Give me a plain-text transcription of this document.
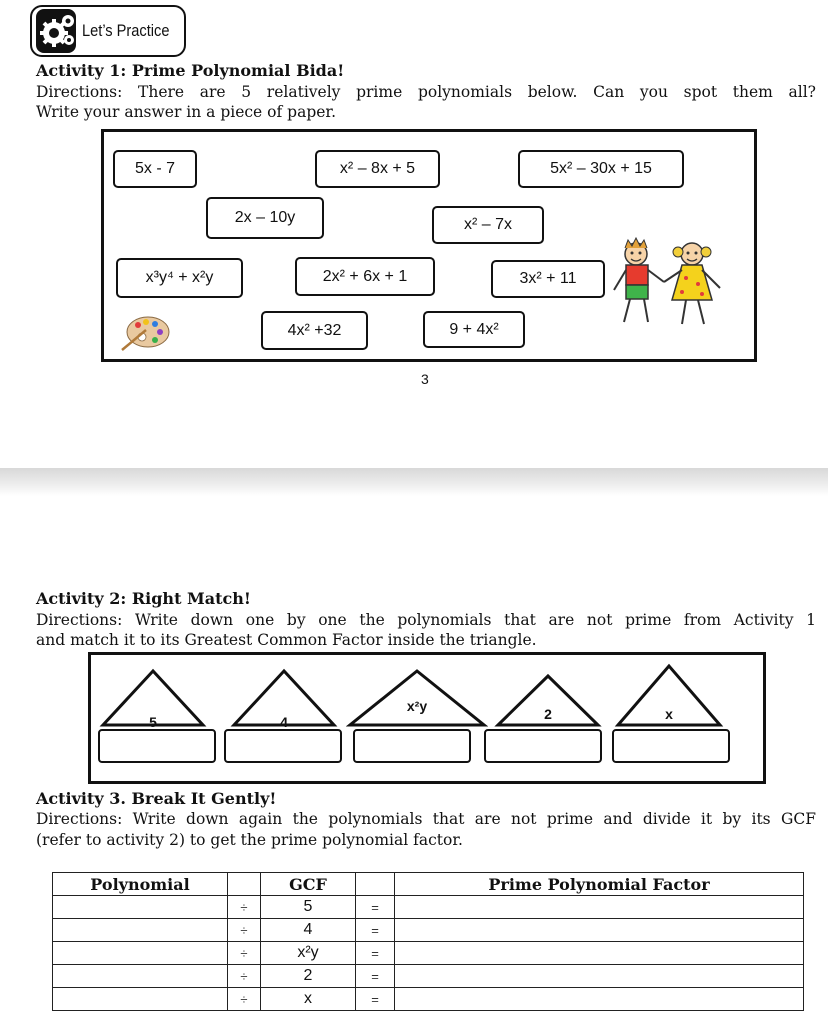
Let’s Practice
Activity 1: Prime Polynomial Bida!
Directions: There are 5 relatively prime polynomials below. Can you spot them all?
Write your answer in a piece of paper.
5x - 7	x² – 8x + 5	5x² – 30x + 15
2x – 10y	x² – 7x
x³y⁴ + x²y	2x² + 6x + 1	3x² + 11
4x² +32	9 + 4x²
3
Activity 2: Right Match!
Directions: Write down one by one the polynomials that are not prime from Activity 1
and match it to its Greatest Common Factor inside the triangle.
5	4
x²y	2	x
Activity 3. Break It Gently!
Directions: Write down again the polynomials that are not prime and divide it by its GCF
(refer to activity 2) to get the prime polynomial factor.
Polynomial		GCF		Prime Polynomial Factor
	÷	5	=	
	÷	4	=	
	÷	x²y	=	
	÷	2	=	
	÷	x	=	
